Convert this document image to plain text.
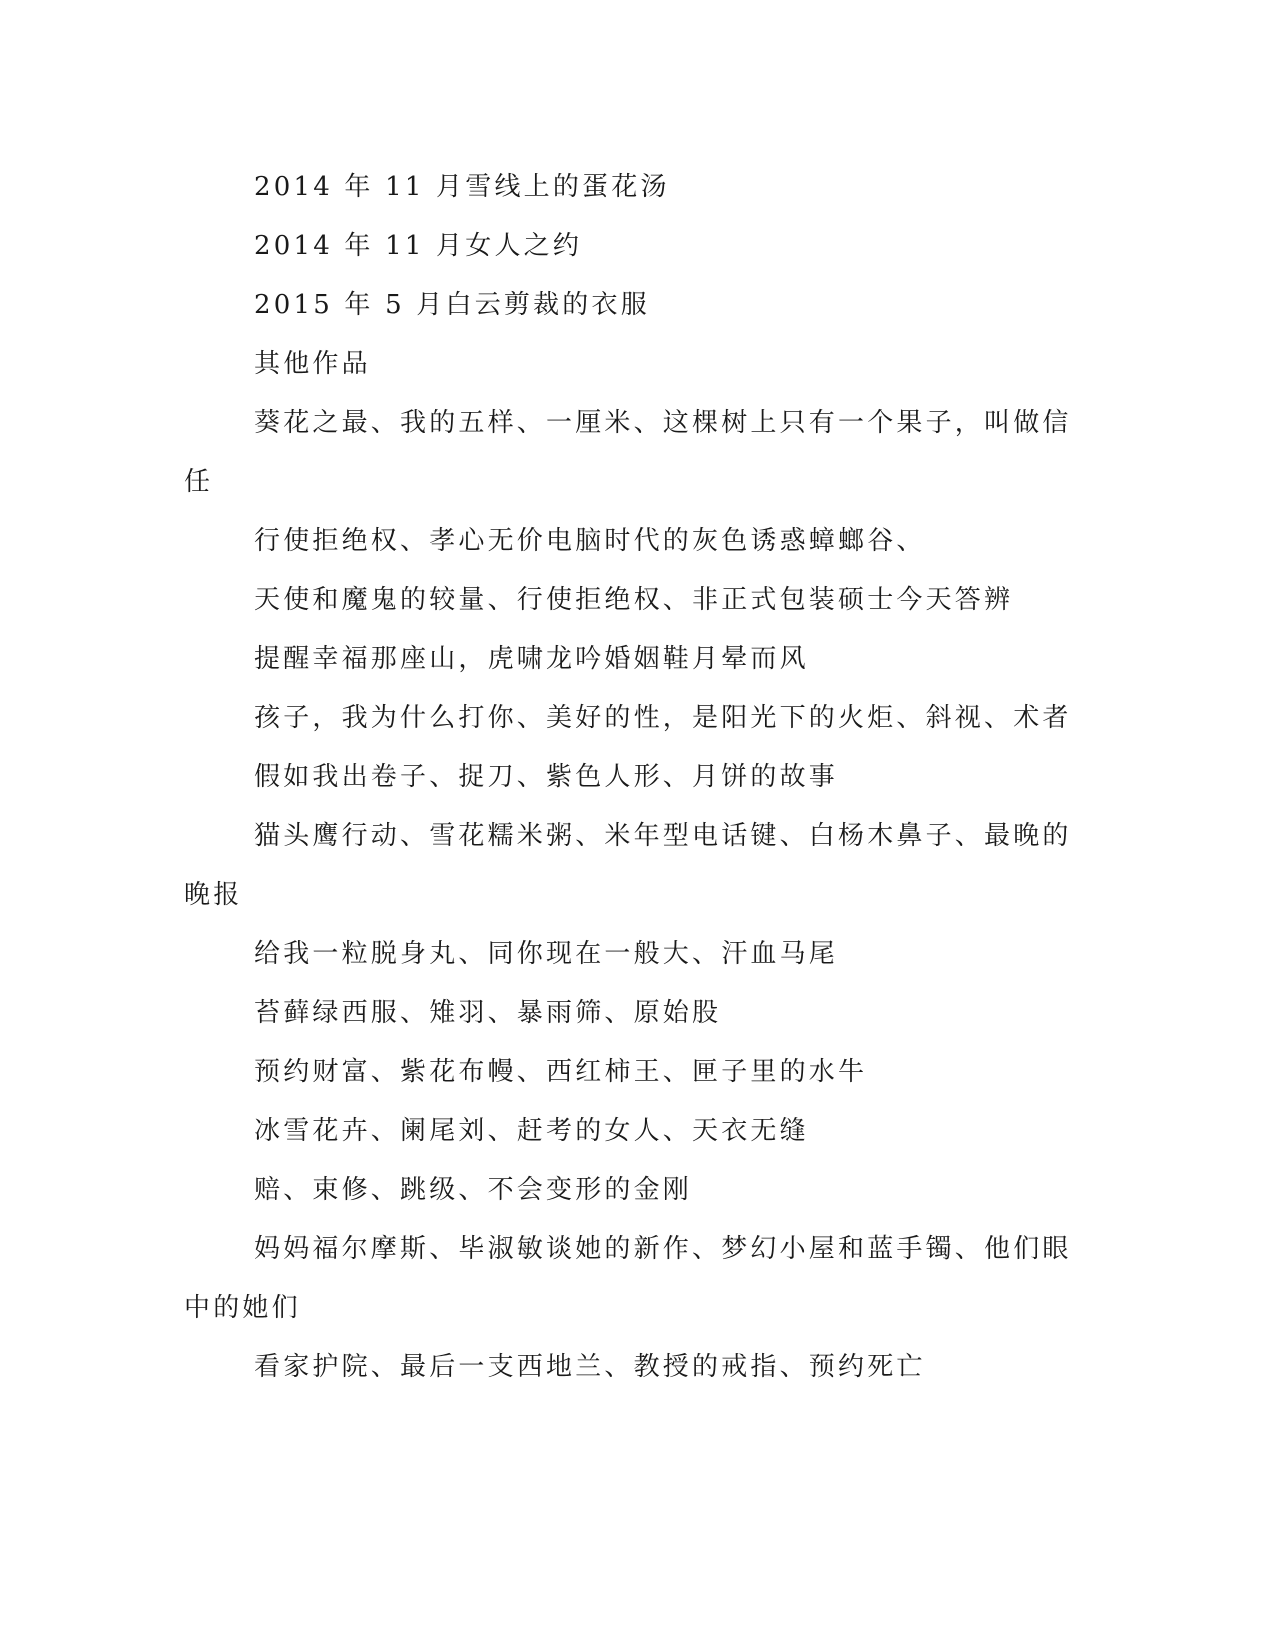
2014 年 11 月雪线上的蛋花汤

2014 年 11 月女人之约

2015 年 5 月白云剪裁的衣服

其他作品

葵花之最、我的五样、一厘米、这棵树上只有一个果子，叫做信

任

行使拒绝权、孝心无价电脑时代的灰色诱惑蟑螂谷、

天使和魔鬼的较量、行使拒绝权、非正式包装硕士今天答辨

提醒幸福那座山，虎啸龙吟婚姻鞋月晕而风

孩子，我为什么打你、美好的性，是阳光下的火炬、斜视、术者

假如我出卷子、捉刀、紫色人形、月饼的故事

猫头鹰行动、雪花糯米粥、米年型电话键、白杨木鼻子、最晚的

晚报

给我一粒脱身丸、同你现在一般大、汗血马尾

苔藓绿西服、雉羽、暴雨筛、原始股

预约财富、紫花布幔、西红柿王、匣子里的水牛

冰雪花卉、阑尾刘、赶考的女人、天衣无缝

赔、束修、跳级、不会变形的金刚

妈妈福尔摩斯、毕淑敏谈她的新作、梦幻小屋和蓝手镯、他们眼

中的她们

看家护院、最后一支西地兰、教授的戒指、预约死亡
